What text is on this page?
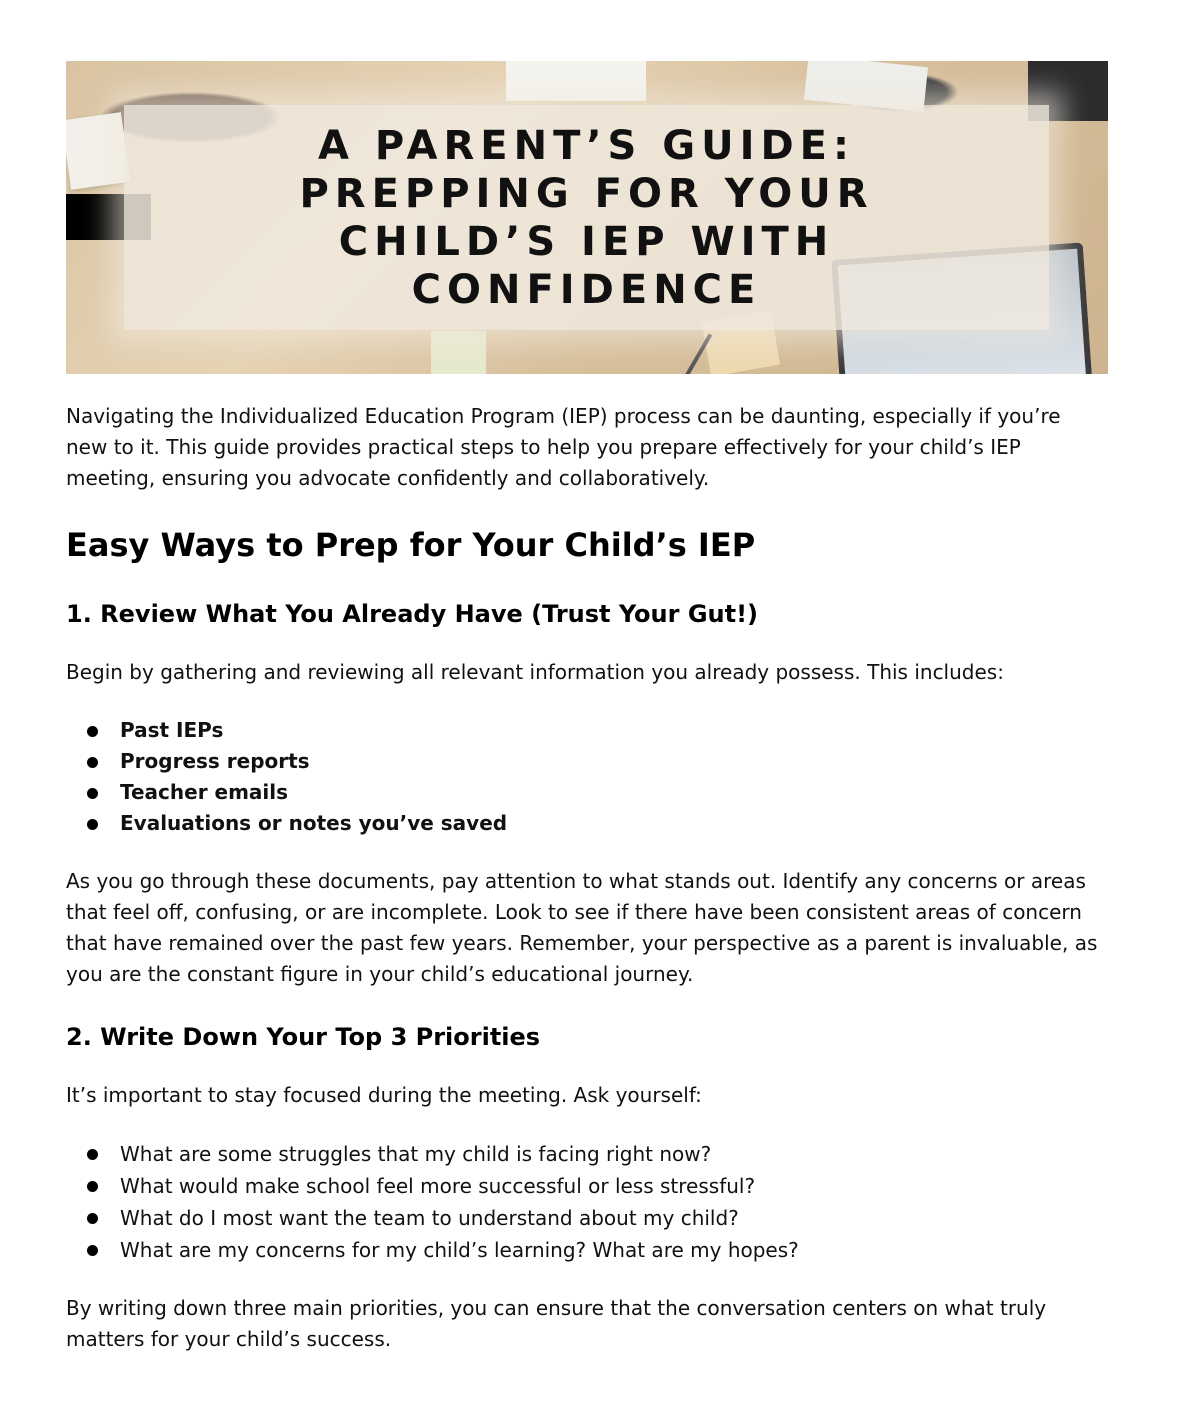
A PARENT’S GUIDE: PREPPING FOR YOUR CHILD’S IEP WITH CONFIDENCE

Navigating the Individualized Education Program (IEP) process can be daunting, especially if you’re new to it. This guide provides practical steps to help you prepare effectively for your child’s IEP meeting, ensuring you advocate confidently and collaboratively.

Easy Ways to Prep for Your Child’s IEP
1. Review What You Already Have (Trust Your Gut!)

Begin by gathering and reviewing all relevant information you already possess. This includes:

Past IEPs
Progress reports
Teacher emails
Evaluations or notes you’ve saved

As you go through these documents, pay attention to what stands out. Identify any concerns or areas that feel off, confusing, or are incomplete. Look to see if there have been consistent areas of concern that have remained over the past few years. Remember, your perspective as a parent is invaluable, as you are the constant figure in your child’s educational journey.

2. Write Down Your Top 3 Priorities

It’s important to stay focused during the meeting. Ask yourself:

What are some struggles that my child is facing right now?
What would make school feel more successful or less stressful?
What do I most want the team to understand about my child?
What are my concerns for my child’s learning? What are my hopes?

By writing down three main priorities, you can ensure that the conversation centers on what truly matters for your child’s success.
